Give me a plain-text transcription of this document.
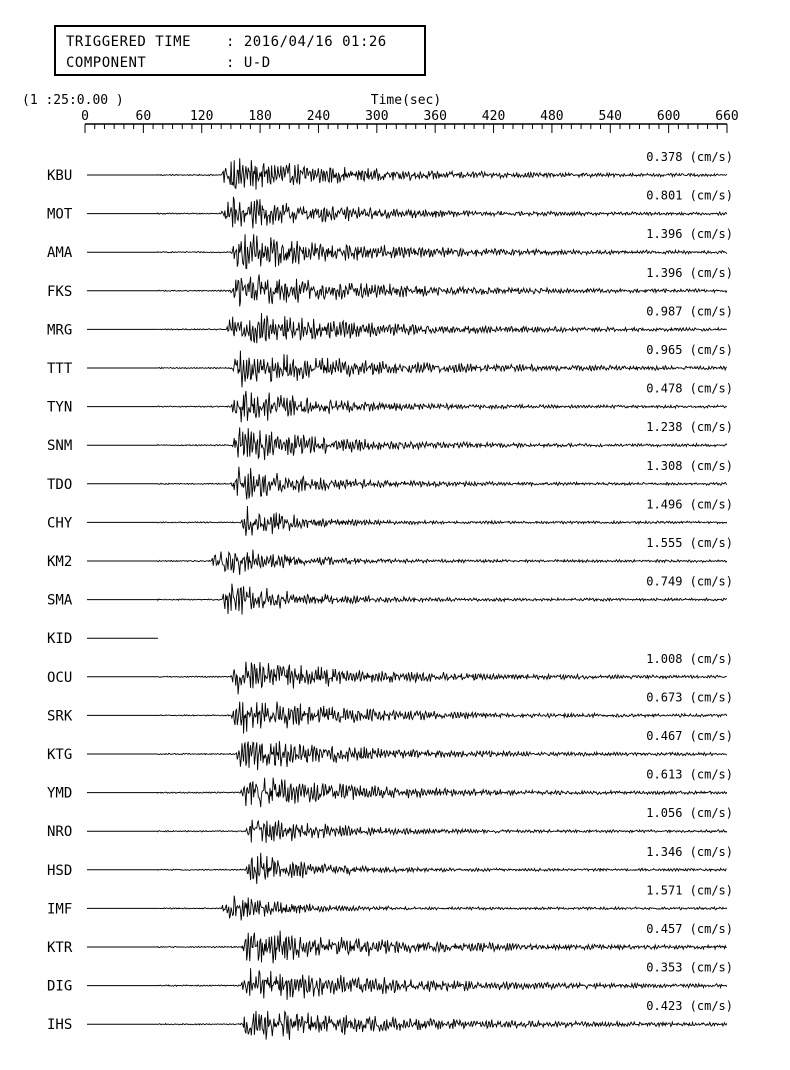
TRIGGERED TIME : 2016/04/16 01:26
COMPONENT	: U-D
(1 :25:0.00 )	Time(sec)
0	60	120	180	240	300	360	420	480	540	600	660
KBU
0.378 (cm/s)
MOT
0.801 (cm/s)
AMA
1.396 (cm/s)
FKS
1.396 (cm/s)
MRG
0.987 (cm/s)
TTT
0.965 (cm/s)
TYN
0.478 (cm/s)
SNM
1.238 (cm/s)
TDO
1.308 (cm/s)
CHY
1.496 (cm/s)
KM2
1.555 (cm/s)
SMA
0.749 (cm/s)
KID
OCU
1.008 (cm/s)
SRK
0.673 (cm/s)
KTG
0.467 (cm/s)
YMD
0.613 (cm/s)
NRO
1.056 (cm/s)
HSD
1.346 (cm/s)
IMF
1.571 (cm/s)
KTR
0.457 (cm/s)
DIG
0.353 (cm/s)
IHS
0.423 (cm/s)
